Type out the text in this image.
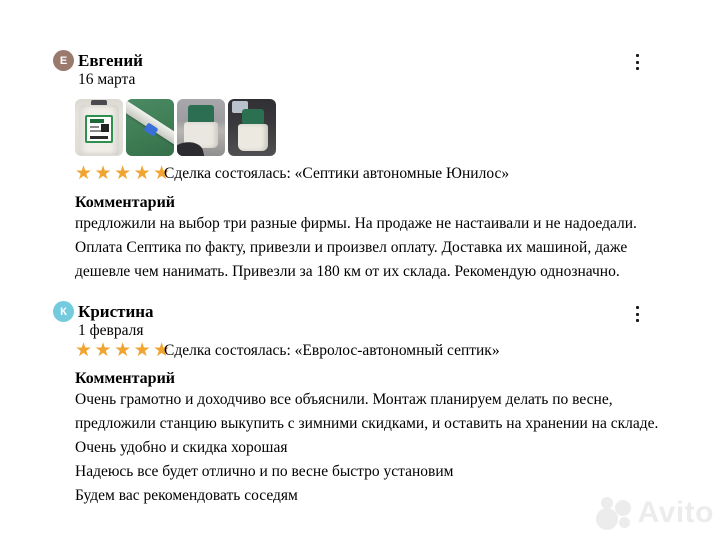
Е Евгений
16 марта
★★★★★
Сделка состоялась: «Септики автономные Юнилос»
Комментарий
предложили на выбор три разные фирмы. На продаже не настаивали и не надоедали. Оплата Септика по факту, привезли и произвел оплату. Доставка их машиной, даже дешевле чем нанимать. Привезли за 180 км от их склада. Рекомендую однозначно.
К Кристина
1 февраля
★★★★★
Сделка состоялась: «Евролос-автономный септик»
Комментарий
Очень грамотно и доходчиво все объяснили. Монтаж планируем делать по весне, предложили станцию выкупить с зимними скидками, и оставить на хранении на складе.
Очень удобно и скидка хорошая
Надеюсь все будет отлично и по весне быстро установим
Будем вас рекомендовать соседям
Avito
